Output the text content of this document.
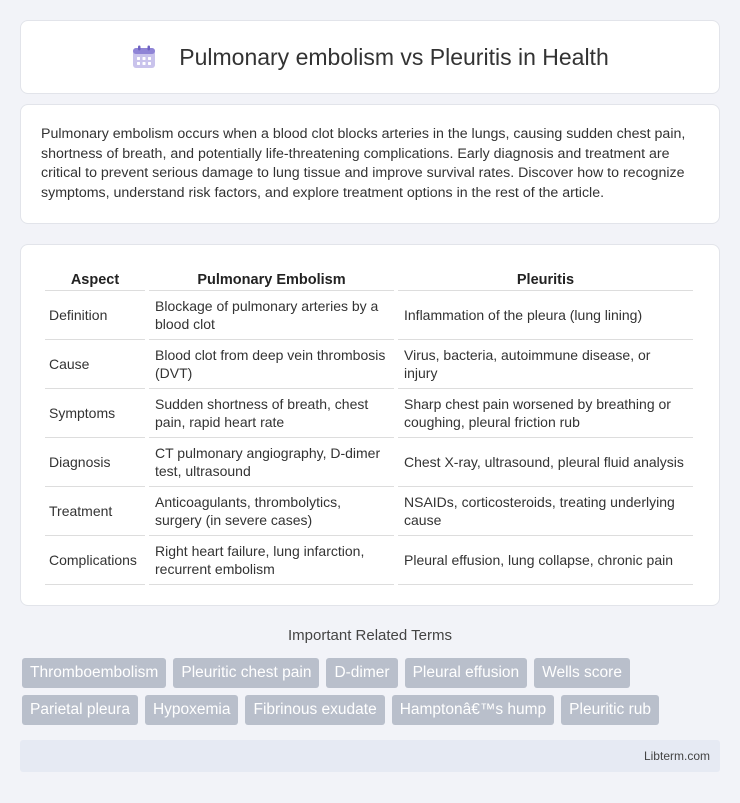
Pulmonary embolism vs Pleuritis in Health

Pulmonary embolism occurs when a blood clot blocks arteries in the lungs, causing sudden chest pain, shortness of breath, and potentially life-threatening complications. Early diagnosis and treatment are critical to prevent serious damage to lung tissue and improve survival rates. Discover how to recognize symptoms, understand risk factors, and explore treatment options in the rest of the article.

Aspect	Pulmonary Embolism	Pleuritis
Definition	Blockage of pulmonary arteries by a blood clot	Inflammation of the pleura (lung lining)
Cause	Blood clot from deep vein thrombosis (DVT)	Virus, bacteria, autoimmune disease, or injury
Symptoms	Sudden shortness of breath, chest pain, rapid heart rate	Sharp chest pain worsened by breathing or coughing, pleural friction rub
Diagnosis	CT pulmonary angiography, D-dimer test, ultrasound	Chest X-ray, ultrasound, pleural fluid analysis
Treatment	Anticoagulants, thrombolytics, surgery (in severe cases)	NSAIDs, corticosteroids, treating underlying cause
Complications	Right heart failure, lung infarction, recurrent embolism	Pleural effusion, lung collapse, chronic pain
Important Related Terms
Thromboembolism	Pleuritic chest pain	D-dimer	Pleural effusion	Wells score
Parietal pleura	Hypoxemia	Fibrinous exudate	Hamptonâ€™s hump	Pleuritic rub
Libterm.com
